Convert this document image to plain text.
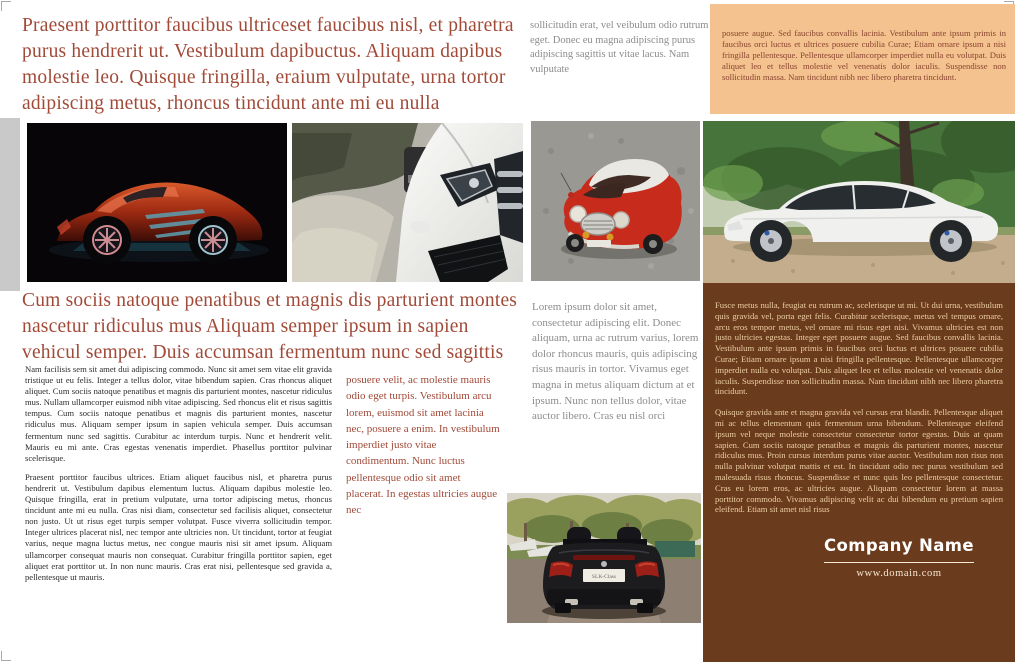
Praesent porttitor faucibus ultriceset faucibus nisl, et pharetra purus hendrerit ut. Vestibulum dapibuctus. Aliquam dapibus molestie leo. Quisque fringilla, eraium vulputate, urna tortor adipiscing metus, rhoncus tincidunt ante mi eu nulla
Cum sociis natoque penatibus et magnis dis parturient montes nascetur ridiculus mus Aliquam semper ipsum in sapien vehicul semper. Duis accumsan fermentum nunc sed sagittis

sollicitudin erat, vel veibulum odio rutrum eget. Donec eu magna adipiscing purus adipiscing sagittis ut vitae lacus. Nam vulputate

posuere augue. Sed faucibus convallis lacinia. Vestibulum ante ipsum primis in faucibus orci luctus et ultrices posuere cubilia Curae; Etiam ornare ipsum a nisi fringilla pellentesque. Pellentesque ullamcorper imperdiet nulla eu volutpat. Duis aliquet leo et tellus molestie vel venenatis dolor iaculis. Suspendisse non sollicitudin massa. Nam tincidunt nibh nec libero pharetra tincidunt.

Nam facilisis sem sit amet dui adipiscing commodo. Nunc sit amet sem vitae elit gravida tristique ut eu felis. Integer a tellus dolor, vitae bibendum sapien. Cras rhoncus aliquet aliquet. Cum sociis natoque penatibus et magnis dis parturient montes, nascetur ridiculus mus. Nullam ullamcorper euismod nibh vitae adipiscing. Sed rhoncus elit et risus sagittis tempus. Cum sociis natoque penatibus et magnis dis parturient montes, nascetur ridiculus mus. Aliquam semper ipsum in sapien vehicula semper. Duis accumsan fermentum nunc sed sagittis. Curabitur ac interdum turpis. Nunc et hendrerit velit. Mauris eu mi ante. Cras egestas venenatis imperdiet. Phasellus porttitor pulvinar scelerisque.

Praesent porttitor faucibus ultrices. Etiam aliquet faucibus nisl, et pharetra purus hendrerit ut. Vestibulum dapibus elementum luctus. Aliquam dapibus molestie leo. Quisque fringilla, erat in pretium vulputate, urna tortor adipiscing metus, rhoncus tincidunt ante mi eu nulla. Cras nisi diam, consectetur sed facilisis aliquet, consectetur non justo. Ut ut risus eget turpis semper volutpat. Fusce viverra sollicitudin tempor. Integer ultrices placerat nisl, nec tempor ante ultricies non. Ut tincidunt, tortor at feugiat varius, neque magna luctus metus, nec congue mauris nisi sit amet ipsum. Aliquam ullamcorper consequat mauris non consequat. Curabitur fringilla porttitor sapien, eget aliquet erat porttitor ut. In non nunc mauris. Cras erat nisi, pellentesque sed gravida a, pellentesque ut mauris.

posuere velit, ac molestie mauris odio eget turpis. Vestibulum arcu lorem, euismod sit amet lacinia nec, posuere a enim. In vestibulum imperdiet justo vitae condimentum. Nunc luctus pellentesque odio sit amet placerat. In egestas ultricies augue nec

Lorem ipsum dolor sit amet, consectetur adipiscing elit. Donec aliquam, urna ac rutrum varius, lorem dolor rhoncus mauris, quis adipiscing risus mauris in tortor. Vivamus eget magna in metus aliquam dictum at et ipsum. Nunc non tellus dolor, vitae auctor libero. Cras eu nisl orci

Fusce metus nulla, feugiat eu rutrum ac, scelerisque ut mi. Ut dui urna, vestibulum quis gravida vel, porta eget felis. Curabitur scelerisque, metus vel tempus ornare, arcu eros tempor metus, vel ornare mi risus eget nisi. Vivamus ultricies est non justo ultricies egestas. Integer eget posuere augue. Sed faucibus convallis lacinia. Vestibulum ante ipsum primis in faucibus orci luctus et ultrices posuere cubilia Curae; Etiam ornare ipsum a nisi fringilla pellentesque. Pellentesque ullamcorper imperdiet nulla eu volutpat. Duis aliquet leo et tellus molestie vel venenatis dolor iaculis. Suspendisse non sollicitudin massa. Nam tincidunt nibh nec libero pharetra tincidunt.

Quisque gravida ante et magna gravida vel cursus erat blandit. Pellentesque aliquet mi ac tellus elementum quis fermentum urna bibendum. Pellentesque eleifend ipsum vel neque molestie consectetur consectetur tortor egestas. Duis at quam sapien. Cum sociis natoque penatibus et magnis dis parturient montes, nascetur ridiculus mus. Proin cursus interdum purus vitae auctor. Vestibulum non risus non nulla pulvinar volutpat mattis et est. In tincidunt odio nec purus vestibulum sed malesuada risus rhoncus. Suspendisse et nunc quis leo pellentesque consectetur. Cras eu lorem eros, ac ultricies augue. Aliquam consectetur lorem at massa porttitor commodo. Vivamus adipiscing velit ac dui bibendum eu pretium sapien eleifend. Etiam sit amet nisl risus

Company Name
www.domain.com
SLK-Class
